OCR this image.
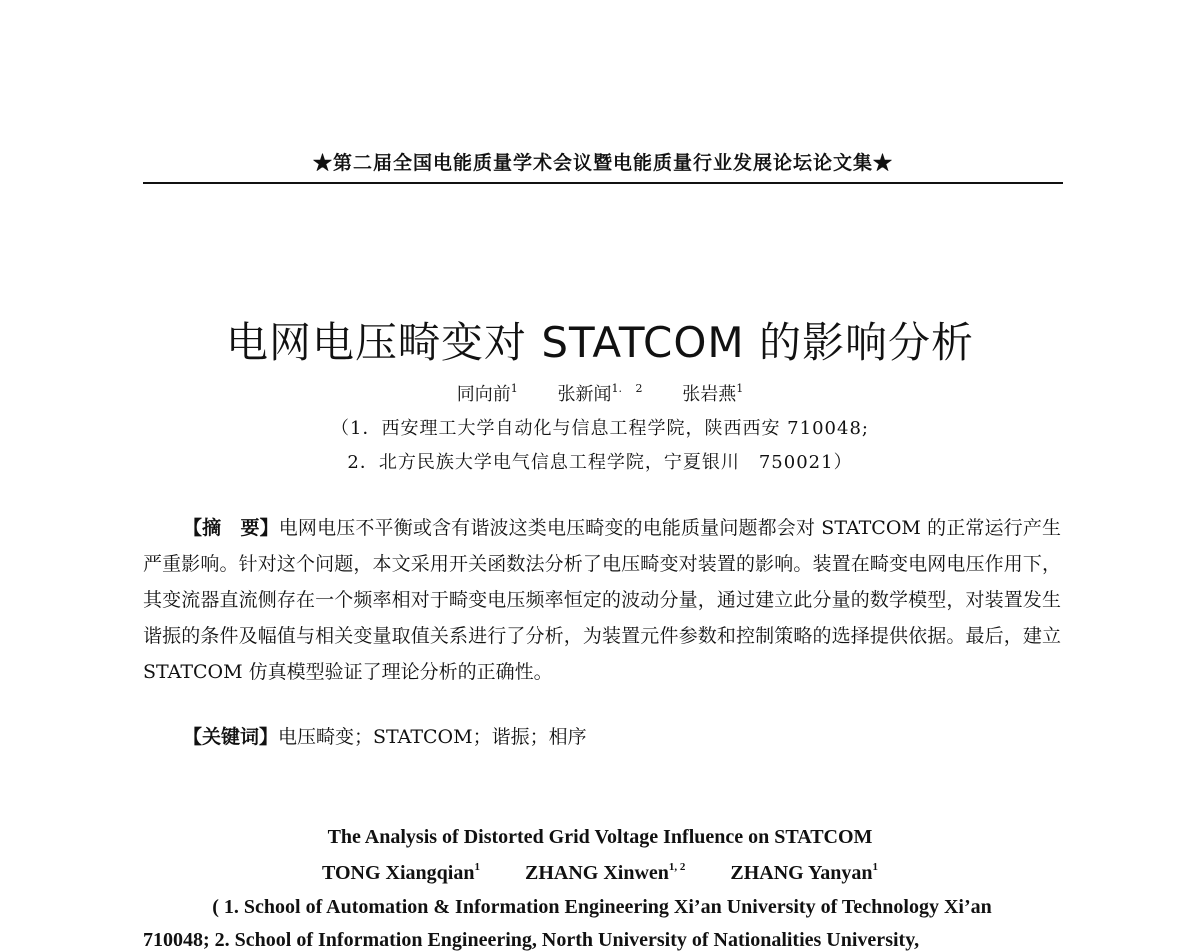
★第二届全国电能质量学术会议暨电能质量行业发展论坛论文集★
电网电压畸变对 STATCOM 的影响分析
同向前$^1$ 张新闻$^{1. 2}$ 张岩燕$^1$
（1．西安理工大学自动化与信息工程学院，陕西西安 710048;
2．北方民族大学电气信息工程学院，宁夏银川　750021）

【摘　要】电网电压不平衡或含有谐波这类电压畸变的电能质量问题都会对 STATCOM 的正常运行产生严重影响。针对这个问题，本文采用开关函数法分析了电压畸变对装置的影响。装置在畸变电网电压作用下，其变流器直流侧存在一个频率相对于畸变电压频率恒定的波动分量，通过建立此分量的数学模型，对装置发生谐振的条件及幅值与相关变量取值关系进行了分析，为装置元件参数和控制策略的选择提供依据。最后，建立 STATCOM 仿真模型验证了理论分析的正确性。

【关键词】电压畸变；STATCOM；谐振；相序
The Analysis of Distorted Grid Voltage Influence on STATCOM
TONG Xiangqian$^1$ ZHANG Xinwen$^{1, 2}$ ZHANG Yanyan$^1$
( 1. School of Automation & Information Engineering Xi’an University of Technology Xi’an
710048; 2. School of Information Engineering, North University of Nationalities University,
